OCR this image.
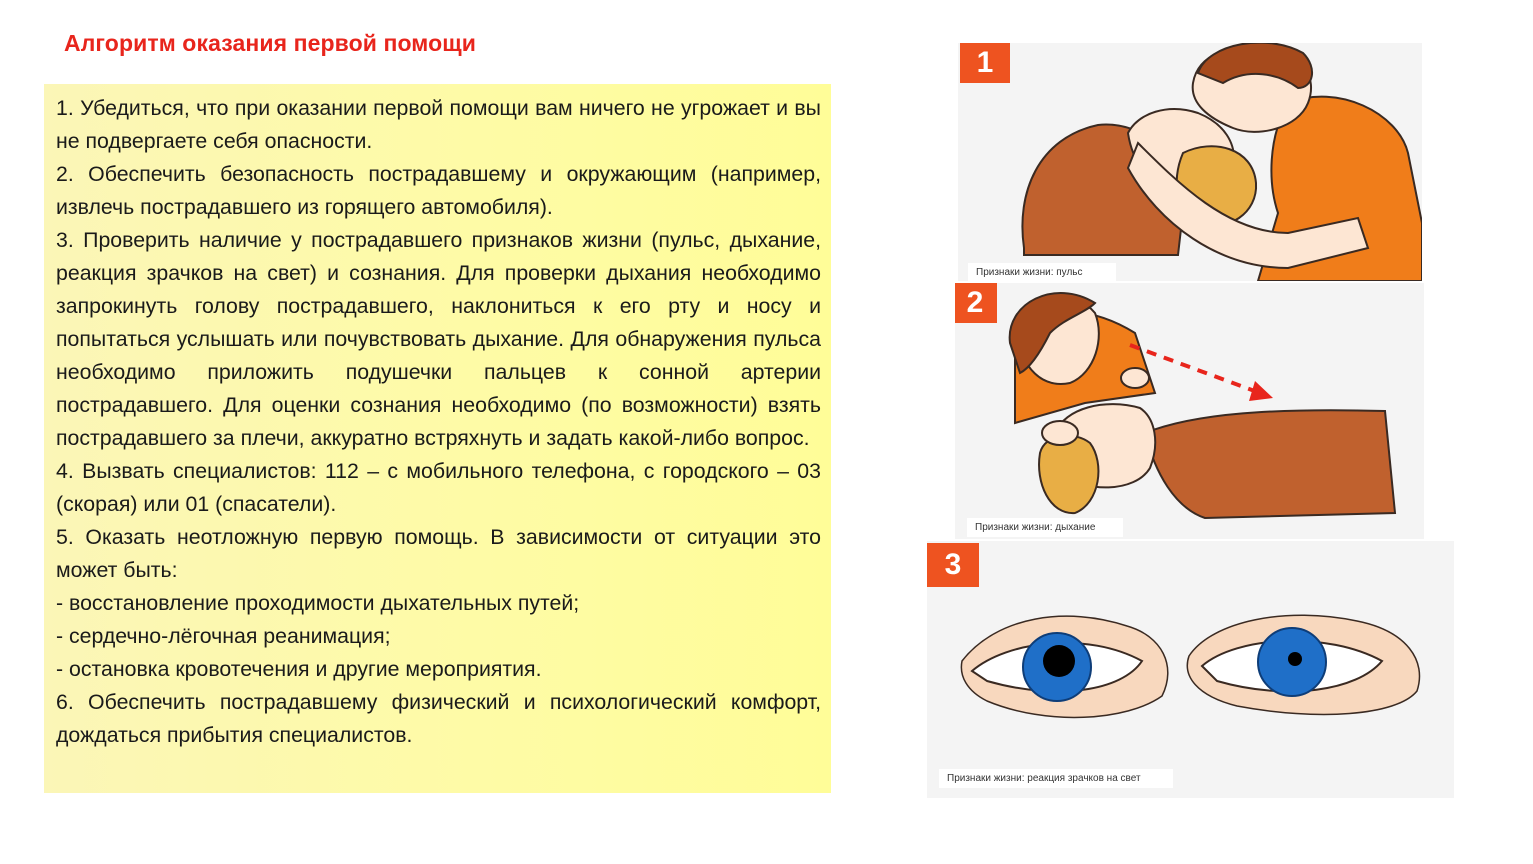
Алгоритм оказания первой помощи

1. Убедиться, что при оказании первой помощи вам ничего не угрожает и вы не подвергаете себя опасности.

2. Обеспечить безопасность пострадавшему и окружающим (например, извлечь пострадавшего из горящего автомобиля).

3. Проверить наличие у пострадавшего признаков жизни (пульс, дыхание, реакция зрачков на свет) и сознания. Для проверки дыхания необходимо запрокинуть голову пострадавшего, наклониться к его рту и носу и попытаться услышать или почувствовать дыхание. Для обнаружения пульса необходимо приложить подушечки пальцев к сонной артерии пострадавшего. Для оценки сознания необходимо (по возможности) взять пострадавшего за плечи, аккуратно встряхнуть и задать какой-либо вопрос.

4. Вызвать специалистов: 112 – с мобильного телефона, с городского – 03 (скорая) или 01 (спасатели).

5. Оказать неотложную первую помощь. В зависимости от ситуации это может быть:

- восстановление проходимости дыхательных путей;

- сердечно-лёгочная реанимация;

- остановка кровотечения и другие мероприятия.

6. Обеспечить пострадавшему физический и психологический комфорт, дождаться прибытия специалистов.

1
Признаки жизни: пульс
2
Признаки жизни: дыхание
3
Признаки жизни: реакция зрачков на свет
